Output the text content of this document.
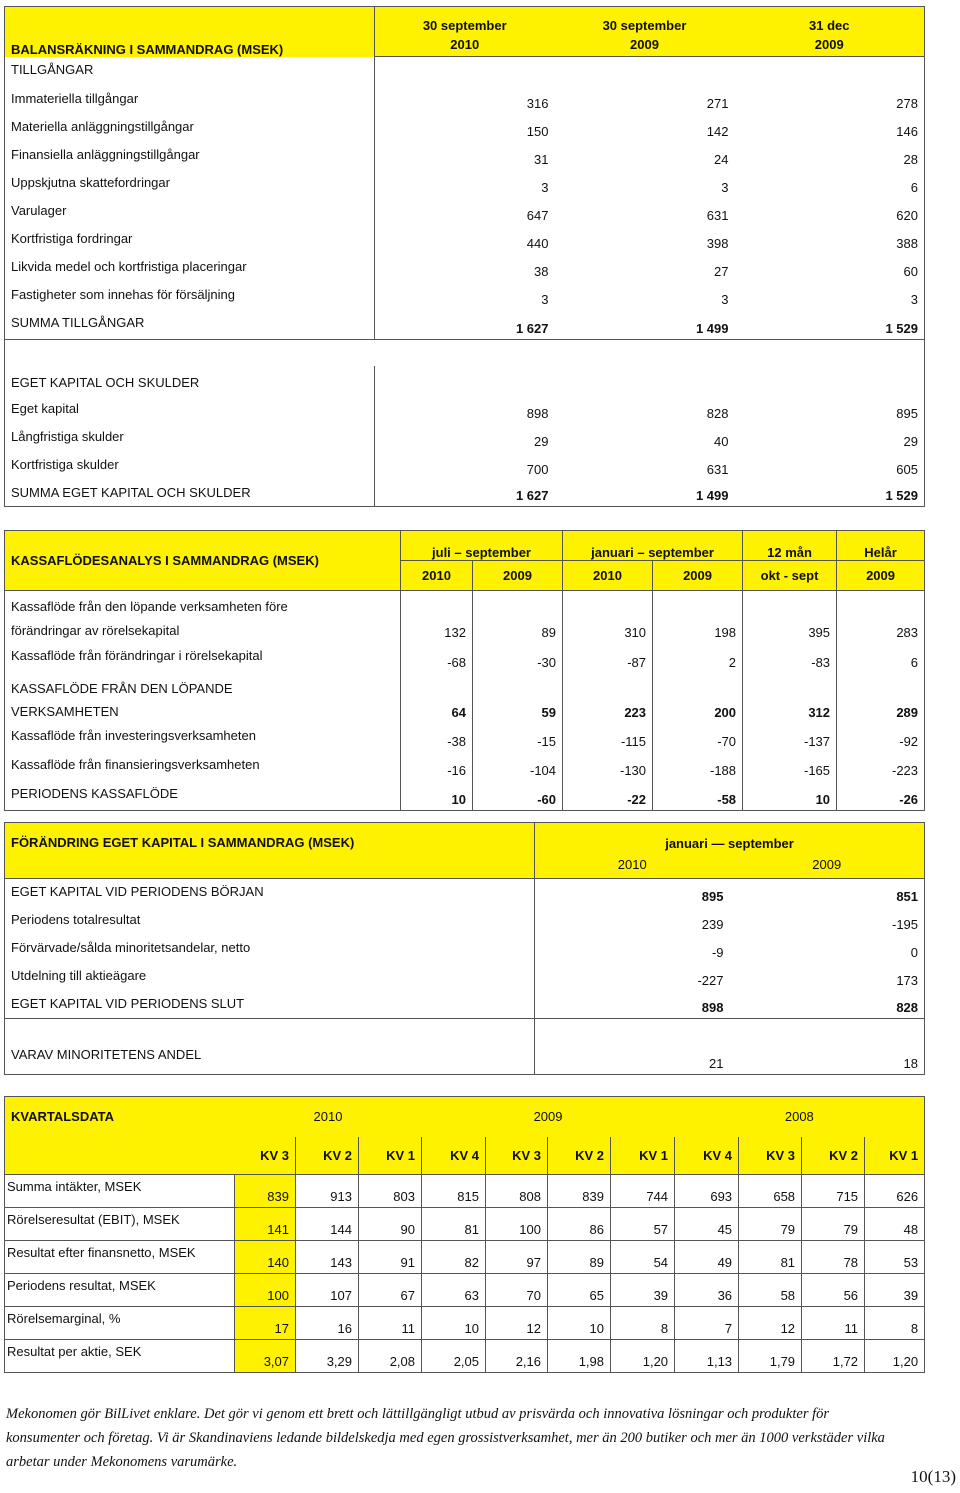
BALANSRÄKNING I SAMMANDRAG (MSEK)	30 september	30 september	31 dec
	2010	2009	2009
TILLGÅNGAR			
Immateriella tillgångar	316	271	278
Materiella anläggningstillgångar	150	142	146
Finansiella anläggningstillgångar	31	24	28
Uppskjutna skattefordringar	3	3	6
Varulager	647	631	620
Kortfristiga fordringar	440	398	388
Likvida medel och kortfristiga placeringar	38	27	60
Fastigheter som innehas för försäljning	3	3	3
SUMMA TILLGÅNGAR	1 627	1 499	1 529

EGET KAPITAL OCH SKULDER			
Eget kapital	898	828	895
Långfristiga skulder	29	40	29
Kortfristiga skulder	700	631	605
SUMMA EGET KAPITAL OCH SKULDER	1 627	1 499	1 529
KASSAFLÖDESANALYS I SAMMANDRAG (MSEK)	juli – september		januari – september		12 mån	Helår
	2010	2009	2010	2009	okt - sept	2009
Kassaflöde från den löpande verksamheten före
förändringar av rörelsekapital	132	89	310	198	395	283
Kassaflöde från förändringar i rörelsekapital	-68	-30	-87	2	-83	6
KASSAFLÖDE FRÅN DEN LÖPANDE
VERKSAMHETEN	64	59	223	200	312	289
Kassaflöde från investeringsverksamheten	-38	-15	-115	-70	-137	-92
Kassaflöde från finansieringsverksamheten	-16	-104	-130	-188	-165	-223
PERIODENS KASSAFLÖDE	10	-60	-22	-58	10	-26
FÖRÄNDRING EGET KAPITAL I SAMMANDRAG (MSEK)	januari — september	
	2010	2009
EGET KAPITAL VID PERIODENS BÖRJAN	895	851
Periodens totalresultat	239	-195
Förvärvade/sålda minoritetsandelar, netto	-9	0
Utdelning till aktieägare	-227	173
EGET KAPITAL VID PERIODENS SLUT	898	828

VARAV MINORITETENS ANDEL	21	18
KVARTALSDATA	2010			2009				2008			
	KV 3	KV 2	KV 1	KV 4	KV 3	KV 2	KV 1	KV 4	KV 3	KV 2	KV 1
Summa intäkter, MSEK	839	913	803	815	808	839	744	693	658	715	626
Rörelseresultat (EBIT), MSEK	141	144	90	81	100	86	57	45	79	79	48
Resultat efter finansnetto, MSEK	140	143	91	82	97	89	54	49	81	78	53
Periodens resultat, MSEK	100	107	67	63	70	65	39	36	58	56	39
Rörelsemarginal, %	17	16	11	10	12	10	8	7	12	11	8
Resultat per aktie, SEK	3,07	3,29	2,08	2,05	2,16	1,98	1,20	1,13	1,79	1,72	1,20
Mekonomen gör BilLivet enklare. Det gör vi genom ett brett och lättillgängligt utbud av prisvärda och innovativa lösningar och produkter för konsumenter och företag. Vi är Skandinaviens ledande bildelskedja med egen grossistverksamhet, mer än 200 butiker och mer än 1000 verkstäder vilka arbetar under Mekonomens varumärke.
10(13)
